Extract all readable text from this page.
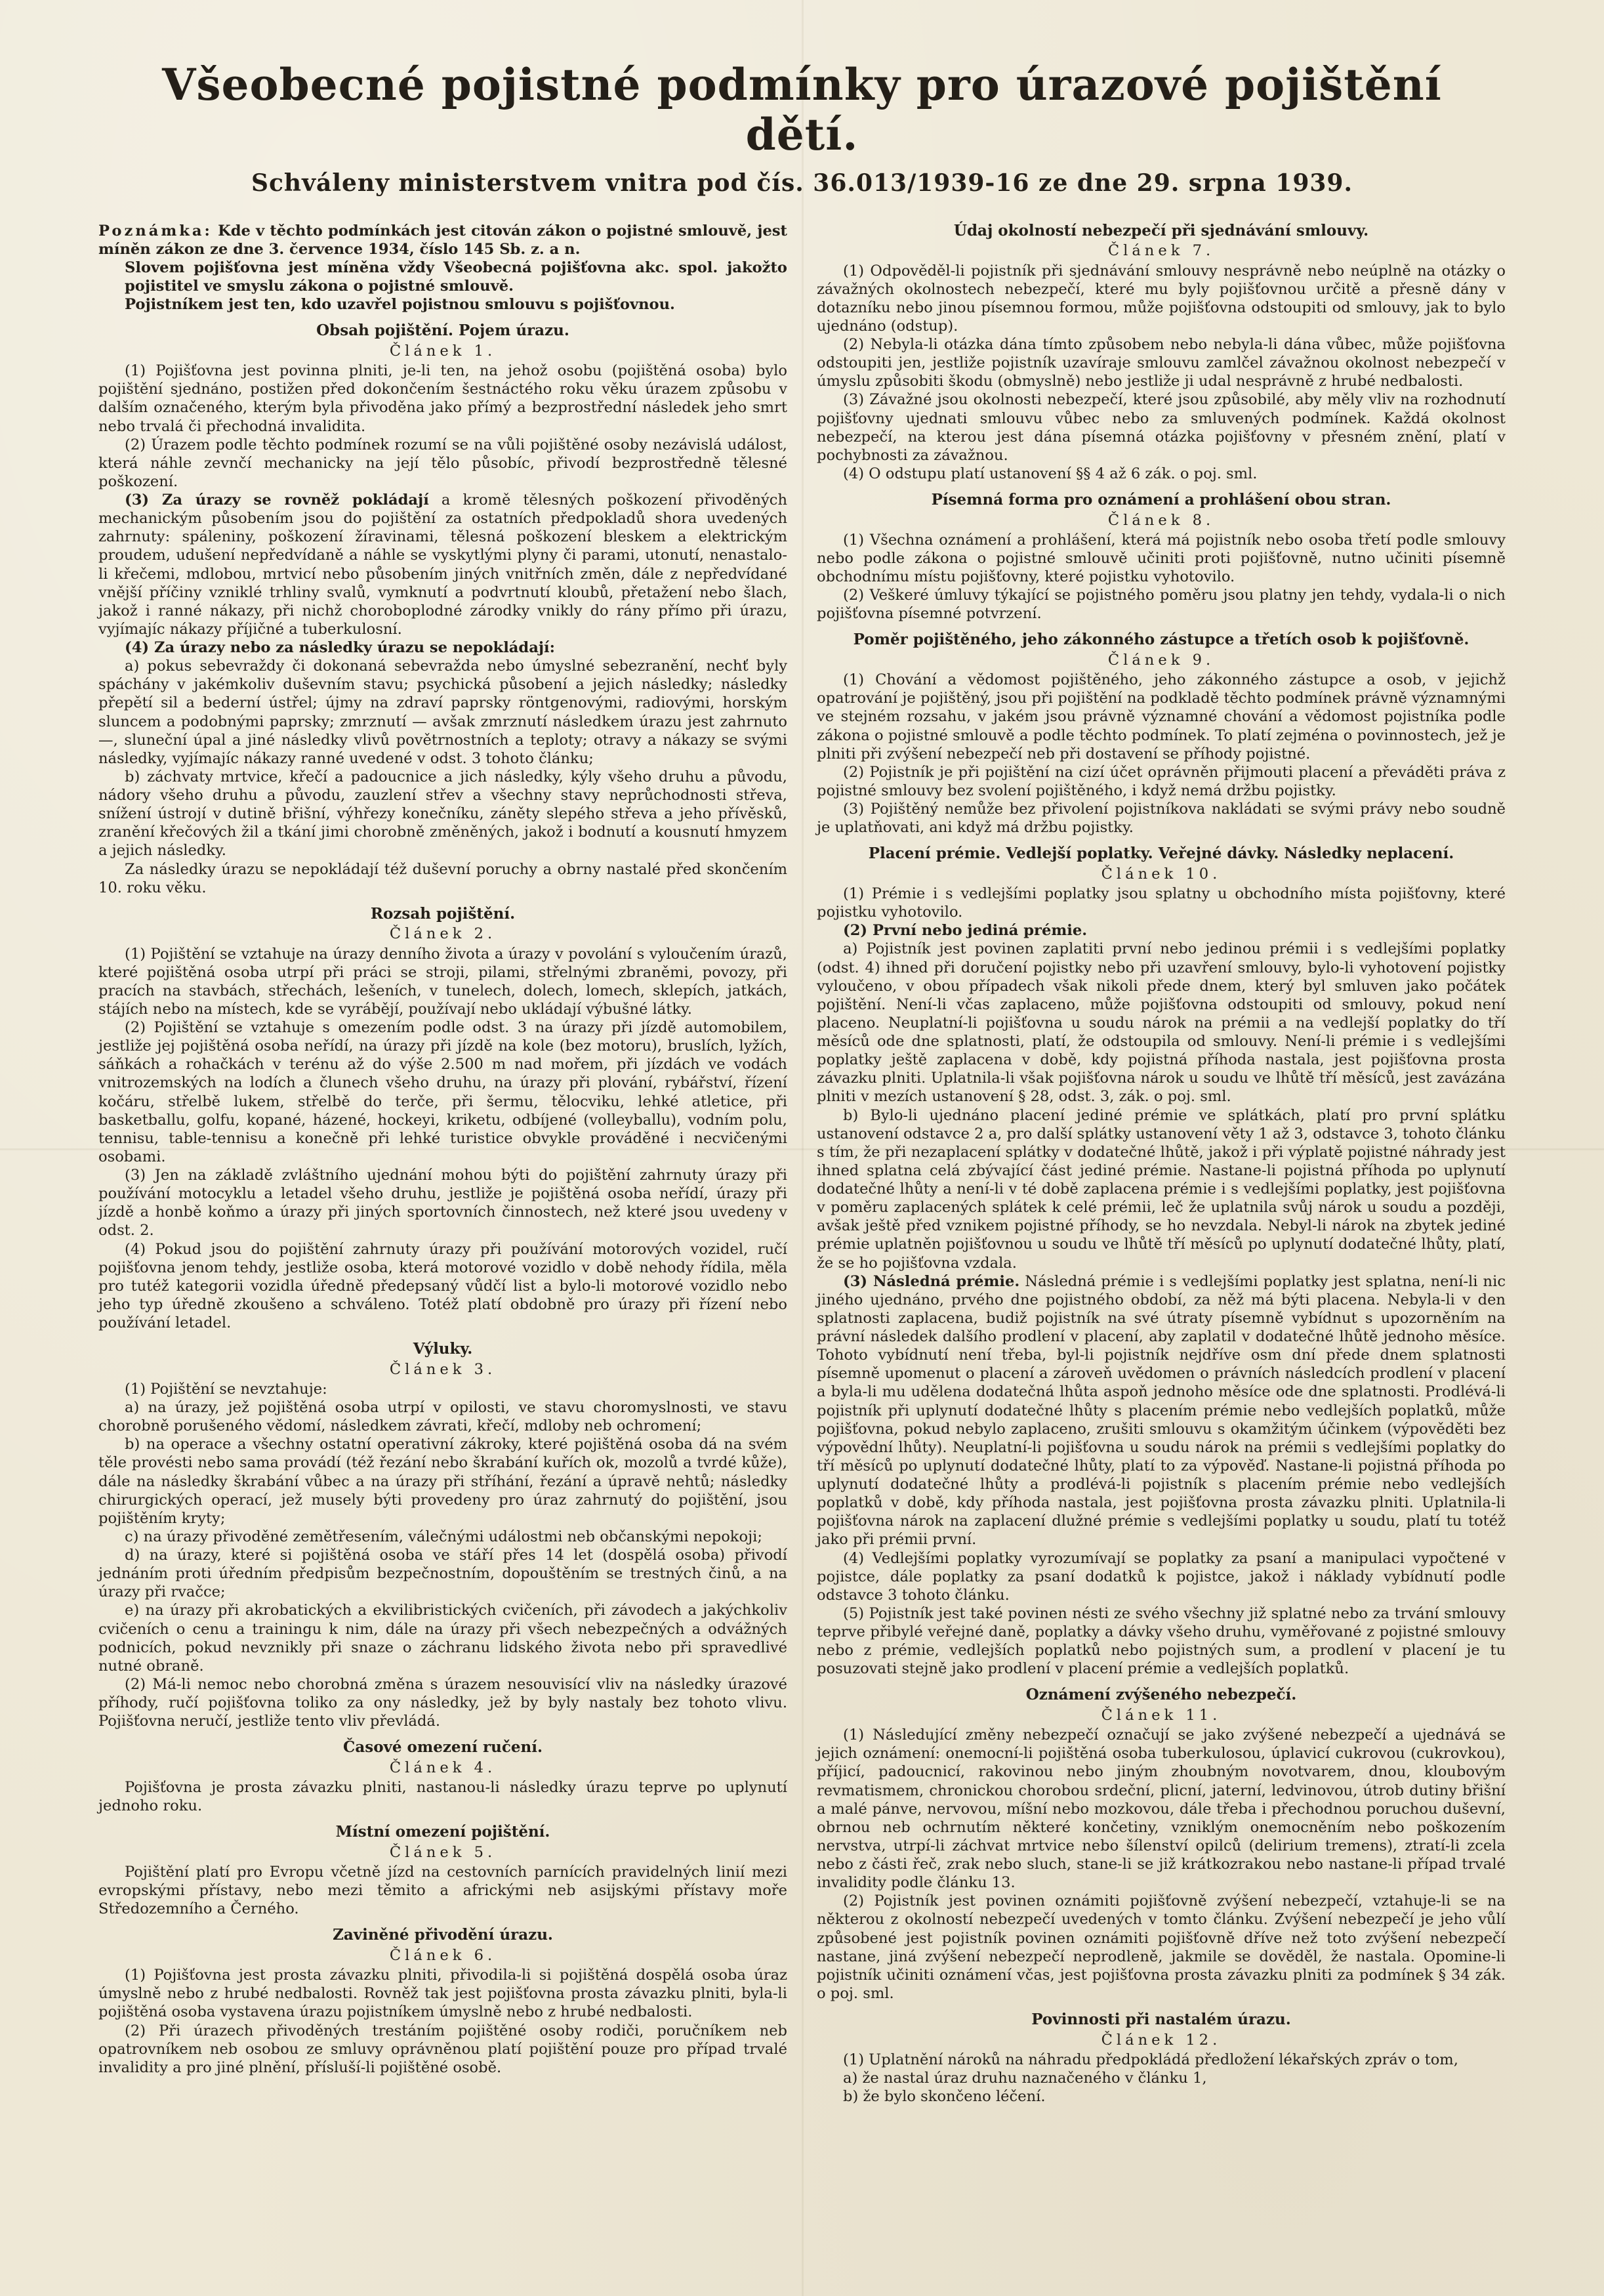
Všeobecné pojistné podmínky pro úrazové pojištění dětí.
Schváleny ministerstvem vnitra pod čís. 36.013/1939-16 ze dne 29. srpna 1939.

Poznámka: Kde v těchto podmínkách jest citován zákon o pojistné smlouvě, jest míněn zákon ze dne 3. července 1934, číslo 145 Sb. z. a n.

Slovem pojišťovna jest míněna vždy Všeobecná pojišťovna akc. spol. jakožto pojistitel ve smyslu zákona o pojistné smlouvě.

Pojistníkem jest ten, kdo uzavřel pojistnou smlouvu s pojišťovnou.

Obsah pojištění. Pojem úrazu.
Článek 1.

(1) Pojišťovna jest povinna plniti, je-li ten, na jehož osobu (pojištěná osoba) bylo pojištění sjednáno, postižen před dokončením šestnáctého roku věku úrazem způsobu v dalším označeného, kterým byla přivoděna jako přímý a bezprostřední následek jeho smrt nebo trvalá či přechodná invalidita.

(2) Úrazem podle těchto podmínek rozumí se na vůli pojištěné osoby nezávislá událost, která náhle zevnčí mechanicky na její tělo působíc, přivodí bezprostředně tělesné poškození.

(3) Za úrazy se rovněž pokládají a kromě tělesných poškození přivoděných mechanickým působením jsou do pojištění za ostatních předpokladů shora uvedených zahrnuty: spáleniny, poškození žíravinami, tělesná poškození bleskem a elektrickým proudem, udušení nepředvídaně a náhle se vyskytlými plyny či parami, utonutí, nenastalo-li křečemi, mdlobou, mrtvicí nebo působením jiných vnitřních změn, dále z nepředvídané vnější příčiny vzniklé trhliny svalů, vymknutí a podvrtnutí kloubů, přetažení nebo šlach, jakož i ranné nákazy, při nichž choroboplodné zárodky vnikly do rány přímo při úrazu, vyjímajíc nákazy příjičné a tuberkulosní.

(4) Za úrazy nebo za následky úrazu se nepokládají:

a) pokus sebevraždy či dokonaná sebevražda nebo úmyslné sebezranění, nechť byly spáchány v jakémkoliv duševním stavu; psychická působení a jejich následky; následky přepětí sil a bederní ústřel; újmy na zdraví paprsky röntgenovými, radiovými, horským sluncem a podobnými paprsky; zmrznutí — avšak zmrznutí následkem úrazu jest zahrnuto —, sluneční úpal a jiné následky vlivů povětrnostních a teploty; otravy a nákazy se svými následky, vyjímajíc nákazy ranné uvedené v odst. 3 tohoto článku;

b) záchvaty mrtvice, křečí a padoucnice a jich následky, kýly všeho druhu a původu, nádory všeho druhu a původu, zauzlení střev a všechny stavy neprůchodnosti střeva, snížení ústrojí v dutině břišní, výhřezy konečníku, záněty slepého střeva a jeho přívěsků, zranění křečových žil a tkání jimi chorobně změněných, jakož i bodnutí a kousnutí hmyzem a jejich následky.

Za následky úrazu se nepokládají též duševní poruchy a obrny nastalé před skončením 10. roku věku.

Rozsah pojištění.
Článek 2.

(1) Pojištění se vztahuje na úrazy denního života a úrazy v povolání s vyloučením úrazů, které pojištěná osoba utrpí při práci se stroji, pilami, střelnými zbraněmi, povozy, při pracích na stavbách, střechách, lešeních, v tunelech, dolech, lomech, sklepích, jatkách, stájích nebo na místech, kde se vyrábějí, používají nebo ukládají výbušné látky.

(2) Pojištění se vztahuje s omezením podle odst. 3 na úrazy při jízdě automobilem, jestliže jej pojištěná osoba neřídí, na úrazy při jízdě na kole (bez motoru), bruslích, lyžích, sáňkách a rohačkách v terénu až do výše 2.500 m nad mořem, při jízdách ve vodách vnitrozemských na lodích a člunech všeho druhu, na úrazy při plování, rybářství, řízení kočáru, střelbě lukem, střelbě do terče, při šermu, tělocviku, lehké atletice, při basketballu, golfu, kopané, házené, hockeyi, kriketu, odbíjené (volleyballu), vodním polu, tennisu, table-tennisu a konečně při lehké turistice obvykle prováděné i necvičenými osobami.

(3) Jen na základě zvláštního ujednání mohou býti do pojištění zahrnuty úrazy při používání motocyklu a letadel všeho druhu, jestliže je pojištěná osoba neřídí, úrazy při jízdě a honbě koňmo a úrazy při jiných sportovních činnostech, než které jsou uvedeny v odst. 2.

(4) Pokud jsou do pojištění zahrnuty úrazy při používání motorových vozidel, ručí pojišťovna jenom tehdy, jestliže osoba, která motorové vozidlo v době nehody řídila, měla pro tutéž kategorii vozidla úředně předepsaný vůdčí list a bylo-li motorové vozidlo nebo jeho typ úředně zkoušeno a schváleno. Totéž platí obdobně pro úrazy při řízení nebo používání letadel.

Výluky.
Článek 3.

(1) Pojištění se nevztahuje:

a) na úrazy, jež pojištěná osoba utrpí v opilosti, ve stavu choromyslnosti, ve stavu chorobně porušeného vědomí, následkem závrati, křečí, mdloby neb ochromení;

b) na operace a všechny ostatní operativní zákroky, které pojištěná osoba dá na svém těle provésti nebo sama provádí (též řezání nebo škrabání kuřích ok, mozolů a tvrdé kůže), dále na následky škrabání vůbec a na úrazy při stříhání, řezání a úpravě nehtů; následky chirurgických operací, jež musely býti provedeny pro úraz zahrnutý do pojištění, jsou pojištěním kryty;

c) na úrazy přivoděné zemětřesením, válečnými událostmi neb občanskými nepokoji;

d) na úrazy, které si pojištěná osoba ve stáří přes 14 let (dospělá osoba) přivodí jednáním proti úředním předpisům bezpečnostním, dopouštěním se trestných činů, a na úrazy při rvačce;

e) na úrazy při akrobatických a ekvilibristických cvičeních, při závodech a jakýchkoliv cvičeních o cenu a trainingu k nim, dále na úrazy při všech nebezpečných a odvážných podnicích, pokud nevznikly při snaze o záchranu lidského života nebo při spravedlivé nutné obraně.

(2) Má-li nemoc nebo chorobná změna s úrazem nesouvisící vliv na následky úrazové příhody, ručí pojišťovna toliko za ony následky, jež by byly nastaly bez tohoto vlivu. Pojišťovna neručí, jestliže tento vliv převládá.

Časové omezení ručení.
Článek 4.

Pojišťovna je prosta závazku plniti, nastanou-li následky úrazu teprve po uplynutí jednoho roku.

Místní omezení pojištění.
Článek 5.

Pojištění platí pro Evropu včetně jízd na cestovních parnících pravidelných linií mezi evropskými přístavy, nebo mezi těmito a africkými neb asijskými přístavy moře Středozemního a Černého.

Zaviněné přivodění úrazu.
Článek 6.

(1) Pojišťovna jest prosta závazku plniti, přivodila-li si pojištěná dospělá osoba úraz úmyslně nebo z hrubé nedbalosti. Rovněž tak jest pojišťovna prosta závazku plniti, byla-li pojištěná osoba vystavena úrazu pojistníkem úmyslně nebo z hrubé nedbalosti.

(2) Při úrazech přivoděných trestáním pojištěné osoby rodiči, poručníkem neb opatrovníkem neb osobou ze smluvy oprávněnou platí pojištění pouze pro případ trvalé invalidity a pro jiné plnění, přísluší-li pojištěné osobě.

Údaj okolností nebezpečí při sjednávání smlouvy.
Článek 7.

(1) Odpověděl-li pojistník při sjednávání smlouvy nesprávně nebo neúplně na otázky o závažných okolnostech nebezpečí, které mu byly pojišťovnou určitě a přesně dány v dotazníku nebo jinou písemnou formou, může pojišťovna odstoupiti od smlouvy, jak to bylo ujednáno (odstup).

(2) Nebyla-li otázka dána tímto způsobem nebo nebyla-li dána vůbec, může pojišťovna odstoupiti jen, jestliže pojistník uzavíraje smlouvu zamlčel závažnou okolnost nebezpečí v úmyslu způsobiti škodu (obmyslně) nebo jestliže ji udal nesprávně z hrubé nedbalosti.

(3) Závažné jsou okolnosti nebezpečí, které jsou způsobilé, aby měly vliv na rozhodnutí pojišťovny ujednati smlouvu vůbec nebo za smluvených podmínek. Každá okolnost nebezpečí, na kterou jest dána písemná otázka pojišťovny v přesném znění, platí v pochybnosti za závažnou.

(4) O odstupu platí ustanovení §§ 4 až 6 zák. o poj. sml.

Písemná forma pro oznámení a prohlášení obou stran.
Článek 8.

(1) Všechna oznámení a prohlášení, která má pojistník nebo osoba třetí podle smlouvy nebo podle zákona o pojistné smlouvě učiniti proti pojišťovně, nutno učiniti písemně obchodnímu místu pojišťovny, které pojistku vyhotovilo.

(2) Veškeré úmluvy týkající se pojistného poměru jsou platny jen tehdy, vydala-li o nich pojišťovna písemné potvrzení.

Poměr pojištěného, jeho zákonného zástupce a třetích osob k pojišťovně.
Článek 9.

(1) Chování a vědomost pojištěného, jeho zákonného zástupce a osob, v jejichž opatrování je pojištěný, jsou při pojištění na podkladě těchto podmínek právně významnými ve stejném rozsahu, v jakém jsou právně významné chování a vědomost pojistníka podle zákona o pojistné smlouvě a podle těchto podmínek. To platí zejména o povinnostech, jež je plniti při zvýšení nebezpečí neb při dostavení se příhody pojistné.

(2) Pojistník je při pojištění na cizí účet oprávněn přijmouti placení a převáděti práva z pojistné smlouvy bez svolení pojištěného, i když nemá držbu pojistky.

(3) Pojištěný nemůže bez přivolení pojistníkova nakládati se svými právy nebo soudně je uplatňovati, ani když má držbu pojistky.

Placení prémie. Vedlejší poplatky. Veřejné dávky. Následky neplacení.
Článek 10.

(1) Prémie i s vedlejšími poplatky jsou splatny u obchodního místa pojišťovny, které pojistku vyhotovilo.

(2) První nebo jediná prémie.

a) Pojistník jest povinen zaplatiti první nebo jedinou prémii i s vedlejšími poplatky (odst. 4) ihned při doručení pojistky nebo při uzavření smlouvy, bylo-li vyhotovení pojistky vyloučeno, v obou případech však nikoli přede dnem, který byl smluven jako počátek pojištění. Není-li včas zaplaceno, může pojišťovna odstoupiti od smlouvy, pokud není placeno. Neuplatní-li pojišťovna u soudu nárok na prémii a na vedlejší poplatky do tří měsíců ode dne splatnosti, platí, že odstoupila od smlouvy. Není-li prémie i s vedlejšími poplatky ještě zaplacena v době, kdy pojistná příhoda nastala, jest pojišťovna prosta závazku plniti. Uplatnila-li však pojišťovna nárok u soudu ve lhůtě tří měsíců, jest zavázána plniti v mezích ustanovení § 28, odst. 3, zák. o poj. sml.

b) Bylo-li ujednáno placení jediné prémie ve splátkách, platí pro první splátku ustanovení odstavce 2 a, pro další splátky ustanovení věty 1 až 3, odstavce 3, tohoto článku s tím, že při nezaplacení splátky v dodatečné lhůtě, jakož i při výplatě pojistné náhrady jest ihned splatna celá zbývající část jediné prémie. Nastane-li pojistná příhoda po uplynutí dodatečné lhůty a není-li v té době zaplacena prémie i s vedlejšími poplatky, jest pojišťovna v poměru zaplacených splátek k celé prémii, leč že uplatnila svůj nárok u soudu a později, avšak ještě před vznikem pojistné příhody, se ho nevzdala. Nebyl-li nárok na zbytek jediné prémie uplatněn pojišťovnou u soudu ve lhůtě tří měsíců po uplynutí dodatečné lhůty, platí, že se ho pojišťovna vzdala.

(3) Následná prémie. Následná prémie i s vedlejšími poplatky jest splatna, není-li nic jiného ujednáno, prvého dne pojistného období, za něž má býti placena. Nebyla-li v den splatnosti zaplacena, budiž pojistník na své útraty písemně vybídnut s upozorněním na právní následek dalšího prodlení v placení, aby zaplatil v dodatečné lhůtě jednoho měsíce. Tohoto vybídnutí není třeba, byl-li pojistník nejdříve osm dní přede dnem splatnosti písemně upomenut o placení a zároveň uvědomen o právních následcích prodlení v placení a byla-li mu udělena dodatečná lhůta aspoň jednoho měsíce ode dne splatnosti. Prodlévá-li pojistník při uplynutí dodatečné lhůty s placením prémie nebo vedlejších poplatků, může pojišťovna, pokud nebylo zaplaceno, zrušiti smlouvu s okamžitým účinkem (výpověděti bez výpovědní lhůty). Neuplatní-li pojišťovna u soudu nárok na prémii s vedlejšími poplatky do tří měsíců po uplynutí dodatečné lhůty, platí to za výpověď. Nastane-li pojistná příhoda po uplynutí dodatečné lhůty a prodlévá-li pojistník s placením prémie nebo vedlejších poplatků v době, kdy příhoda nastala, jest pojišťovna prosta závazku plniti. Uplatnila-li pojišťovna nárok na zaplacení dlužné prémie s vedlejšími poplatky u soudu, platí tu totéž jako při prémii první.

(4) Vedlejšími poplatky vyrozumívají se poplatky za psaní a manipulaci vypočtené v pojistce, dále poplatky za psaní dodatků k pojistce, jakož i náklady vybídnutí podle odstavce 3 tohoto článku.

(5) Pojistník jest také povinen nésti ze svého všechny již splatné nebo za trvání smlouvy teprve přibylé veřejné daně, poplatky a dávky všeho druhu, vyměřované z pojistné smlouvy nebo z prémie, vedlejších poplatků nebo pojistných sum, a prodlení v placení je tu posuzovati stejně jako prodlení v placení prémie a vedlejších poplatků.

Oznámení zvýšeného nebezpečí.
Článek 11.

(1) Následující změny nebezpečí označují se jako zvýšené nebezpečí a ujednává se jejich oznámení: onemocní-li pojištěná osoba tuberkulosou, úplavicí cukrovou (cukrovkou), příjicí, padoucnicí, rakovinou nebo jiným zhoubným novotvarem, dnou, kloubovým revmatismem, chronickou chorobou srdeční, plicní, jaterní, ledvinovou, útrob dutiny břišní a malé pánve, nervovou, míšní nebo mozkovou, dále třeba i přechodnou poruchou duševní, obrnou neb ochrnutím některé končetiny, vzniklým onemocněním nebo poškozením nervstva, utrpí-li záchvat mrtvice nebo šílenství opilců (delirium tremens), ztratí-li zcela nebo z části řeč, zrak nebo sluch, stane-li se již krátkozrakou nebo nastane-li případ trvalé invalidity podle článku 13.

(2) Pojistník jest povinen oznámiti pojišťovně zvýšení nebezpečí, vztahuje-li se na některou z okolností nebezpečí uvedených v tomto článku. Zvýšení nebezpečí je jeho vůlí způsobené jest pojistník povinen oznámiti pojišťovně dříve než toto zvýšení nebezpečí nastane, jiná zvýšení nebezpečí neprodleně, jakmile se dověděl, že nastala. Opomine-li pojistník učiniti oznámení včas, jest pojišťovna prosta závazku plniti za podmínek § 34 zák. o poj. sml.

Povinnosti při nastalém úrazu.
Článek 12.

(1) Uplatnění nároků na náhradu předpokládá předložení lékařských zpráv o tom,

a) že nastal úraz druhu naznačeného v článku 1,

b) že bylo skončeno léčení.
